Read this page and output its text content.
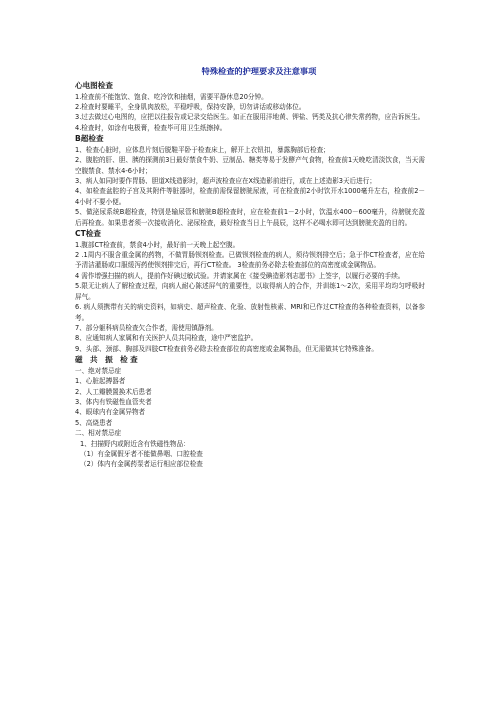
特殊检查的护理要求及注意事项
心电图检查

1.检查前不能饱饮、饱食、吃冷饮和抽烟，需要平静休息20分钟。

2.检查时要睡平，全身肌肉放松，平稳呼吸，保持安静，切勿讲话或移动体位。

3.过去做过心电图的，应把以往报告或记录交给医生。如正在服用洋地黄、钾盐、钙类及抗心律失常药物，应告诉医生。

4.检查时，如涂有电极膏，检查毕可用卫生纸擦掉。

B超检查

1、检查心脏时，应体息片刻后脱鞋平卧于检查床上，解开上衣钮扣，暴露胸部后检查；

2、腹腔的肝、胆、胰的探测前3日最好禁食牛奶、豆制品、糖类等易于发酵产气食物，检查前1天晚吃清淡饮食，当天需空腹禁食、禁水4-6小时；

3、病人如同时要作胃肠、胆道X线造影时，超声波检查应在X线造影前进行，或在上述造影3天后进行；

4、如检查盆腔的子宫及其附件等脏器时，检查前需保留膀胱尿液，可在检查前2小时饮开水1000毫升左右，检查前2－4小时不要小便。

5、做泌尿系统B超检查，特别是输尿管和膀胱B超检查时，应在检查前1－2小时，饮温水400－600毫升，待膀胱充盈后再检查。如果患者须一次接收消化、泌尿检查，最好检查当日上午晨辰，这样不必喝水即可达到膀胱充盈的目的。

CT检查

1.腹部CT检查前，禁食4小时，最好前一天晚上起空腹。

2 .1周内不服含重金属的药物，不做胃肠钡剂检查。已做钡剂检查的病人，须待钡剂排空后；急于作CT检查者，应在给予清洁灌肠或口服缓泻药使钡剂排完后，再行CT检查。 3检查前务必除去检查部位的高密度或金属物品。

4 需作增强扫描的病人，提前作好碘过敏试验。并请家属在《接受碘造影剂志愿书》上签字，以履行必要的手续。

5.限无让病人了解检查过程，向病人耐心陈述屏气的重要性，以取得病人的合作，并训练1～2次，采用平均均匀呼吸时屏气。

6. 病人须携带有关的病史资料，如病史、超声检查、化验、放射性核素、MRI和已作过CT检查的各种检查资料，以备参考。

7、部分躯科病员检查欠合作者，需使用镇静剂。

8、应通知病人家属和有关医护人员共同检查，途中严密监护。

9、头部、颈部、胸部及四肢CT检查前务必除去检查部位的高密度或金属物品，但无需做其它特殊准备。

磁 共 振 检查

一、绝对禁忌症

1、心脏起搏器者

2、人工瓣膜置换术后患者

3、体内有铁磁性血管夹者

4、眼球内有金属异物者

5、高烧患者

二、相对禁忌症

1、扫描野内或附近含有铁磁性物品：

（1）有金属假牙者不能做鼻咽、口腔检查

（2）体内有金属药泵者运行相应部位检查
